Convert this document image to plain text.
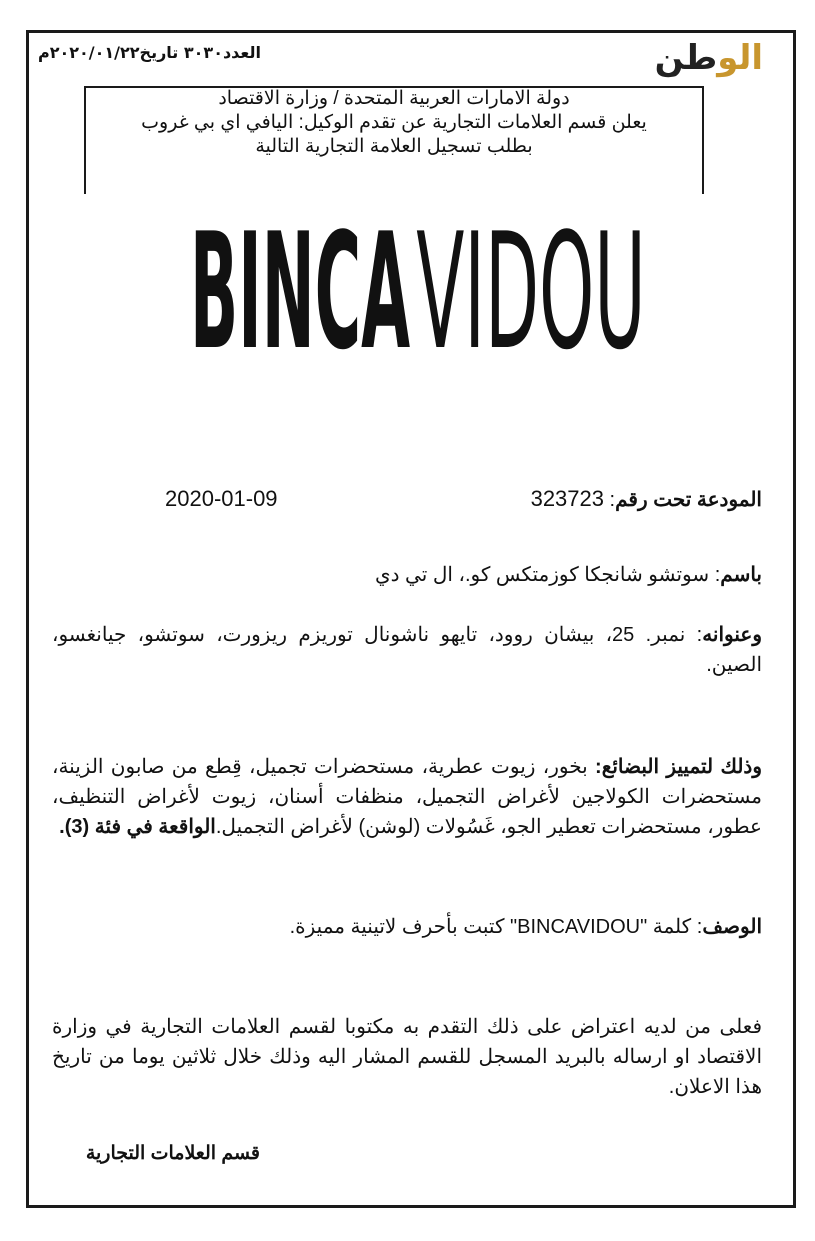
الوطن
العدد٣٠٣٠ تاريخ٢٠٢٠/٠١/٢٢م
دولة الامارات العربية المتحدة / وزارة الاقتصاد
يعلن قسم العلامات التجارية عن تقدم الوكيل: اليافي اي بي غروب
بطلب تسجيل العلامة التجارية التالية
BINCA VIDOU
المودعة تحت رقم: 323723
2020-01-09
باسم: سوتشو شانجكا كوزمتكس كو.، ال تي دي
وعنوانه: نمبر. 25، بيشان روود، تايهو ناشونال توريزم ريزورت، سوتشو، جيانغسو، الصين.
وذلك لتمييز البضائع: بخور، زيوت عطرية، مستحضرات تجميل، قِطع من صابون الزينة، مستحضرات الكولاجين لأغراض التجميل، منظفات أسنان، زيوت لأغراض التنظيف، عطور، مستحضرات تعطير الجو، غَسُولات (لوشن) لأغراض التجميل.الواقعة في فئة (3).
الوصف: كلمة "BINCAVIDOU" كتبت بأحرف لاتينية مميزة.
فعلى من لديه اعتراض على ذلك التقدم به مكتوبا لقسم العلامات التجارية في وزارة الاقتصاد او ارساله بالبريد المسجل للقسم المشار اليه وذلك خلال ثلاثين يوما من تاريخ هذا الاعلان.
قسم العلامات التجارية
